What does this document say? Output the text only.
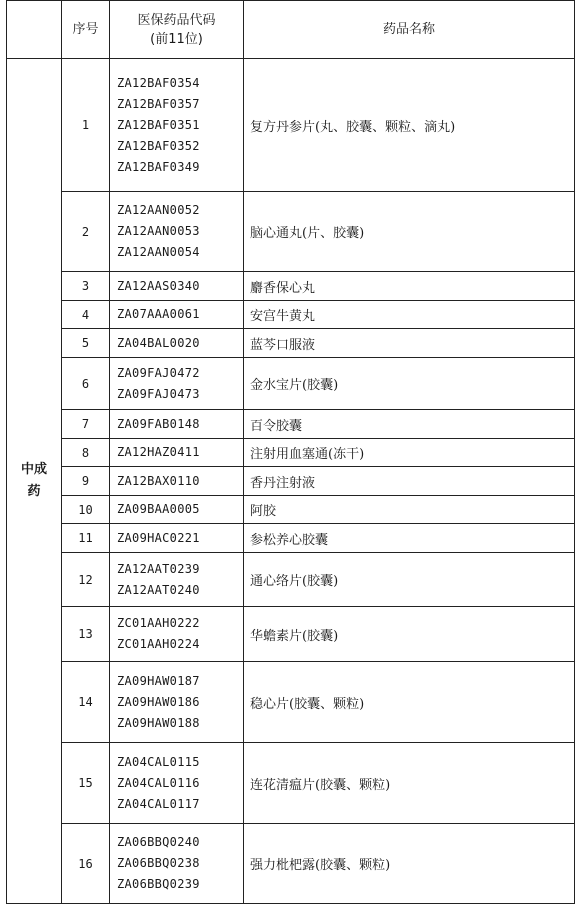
	序号	医保药品代码
(前11位)	药品名称
中成药	1	ZA12BAF0354
ZA12BAF0357
ZA12BAF0351
ZA12BAF0352
ZA12BAF0349	复方丹参片(丸、胶囊、颗粒、滴丸)
	2	ZA12AAN0052
ZA12AAN0053
ZA12AAN0054	脑心通丸(片、胶囊)
	3	ZA12AAS0340	麝香保心丸
	4	ZA07AAA0061	安宫牛黄丸
	5	ZA04BAL0020	蓝芩口服液
	6	ZA09FAJ0472
ZA09FAJ0473	金水宝片(胶囊)
	7	ZA09FAB0148	百令胶囊
	8	ZA12HAZ0411	注射用血塞通(冻干)
	9	ZA12BAX0110	香丹注射液
	10	ZA09BAA0005	阿胶
	11	ZA09HAC0221	参松养心胶囊
	12	ZA12AAT0239
ZA12AAT0240	通心络片(胶囊)
	13	ZC01AAH0222
ZC01AAH0224	华蟾素片(胶囊)
	14	ZA09HAW0187
ZA09HAW0186
ZA09HAW0188	稳心片(胶囊、颗粒)
	15	ZA04CAL0115
ZA04CAL0116
ZA04CAL0117	连花清瘟片(胶囊、颗粒)
	16	ZA06BBQ0240
ZA06BBQ0238
ZA06BBQ0239	强力枇杷露(胶囊、颗粒)
